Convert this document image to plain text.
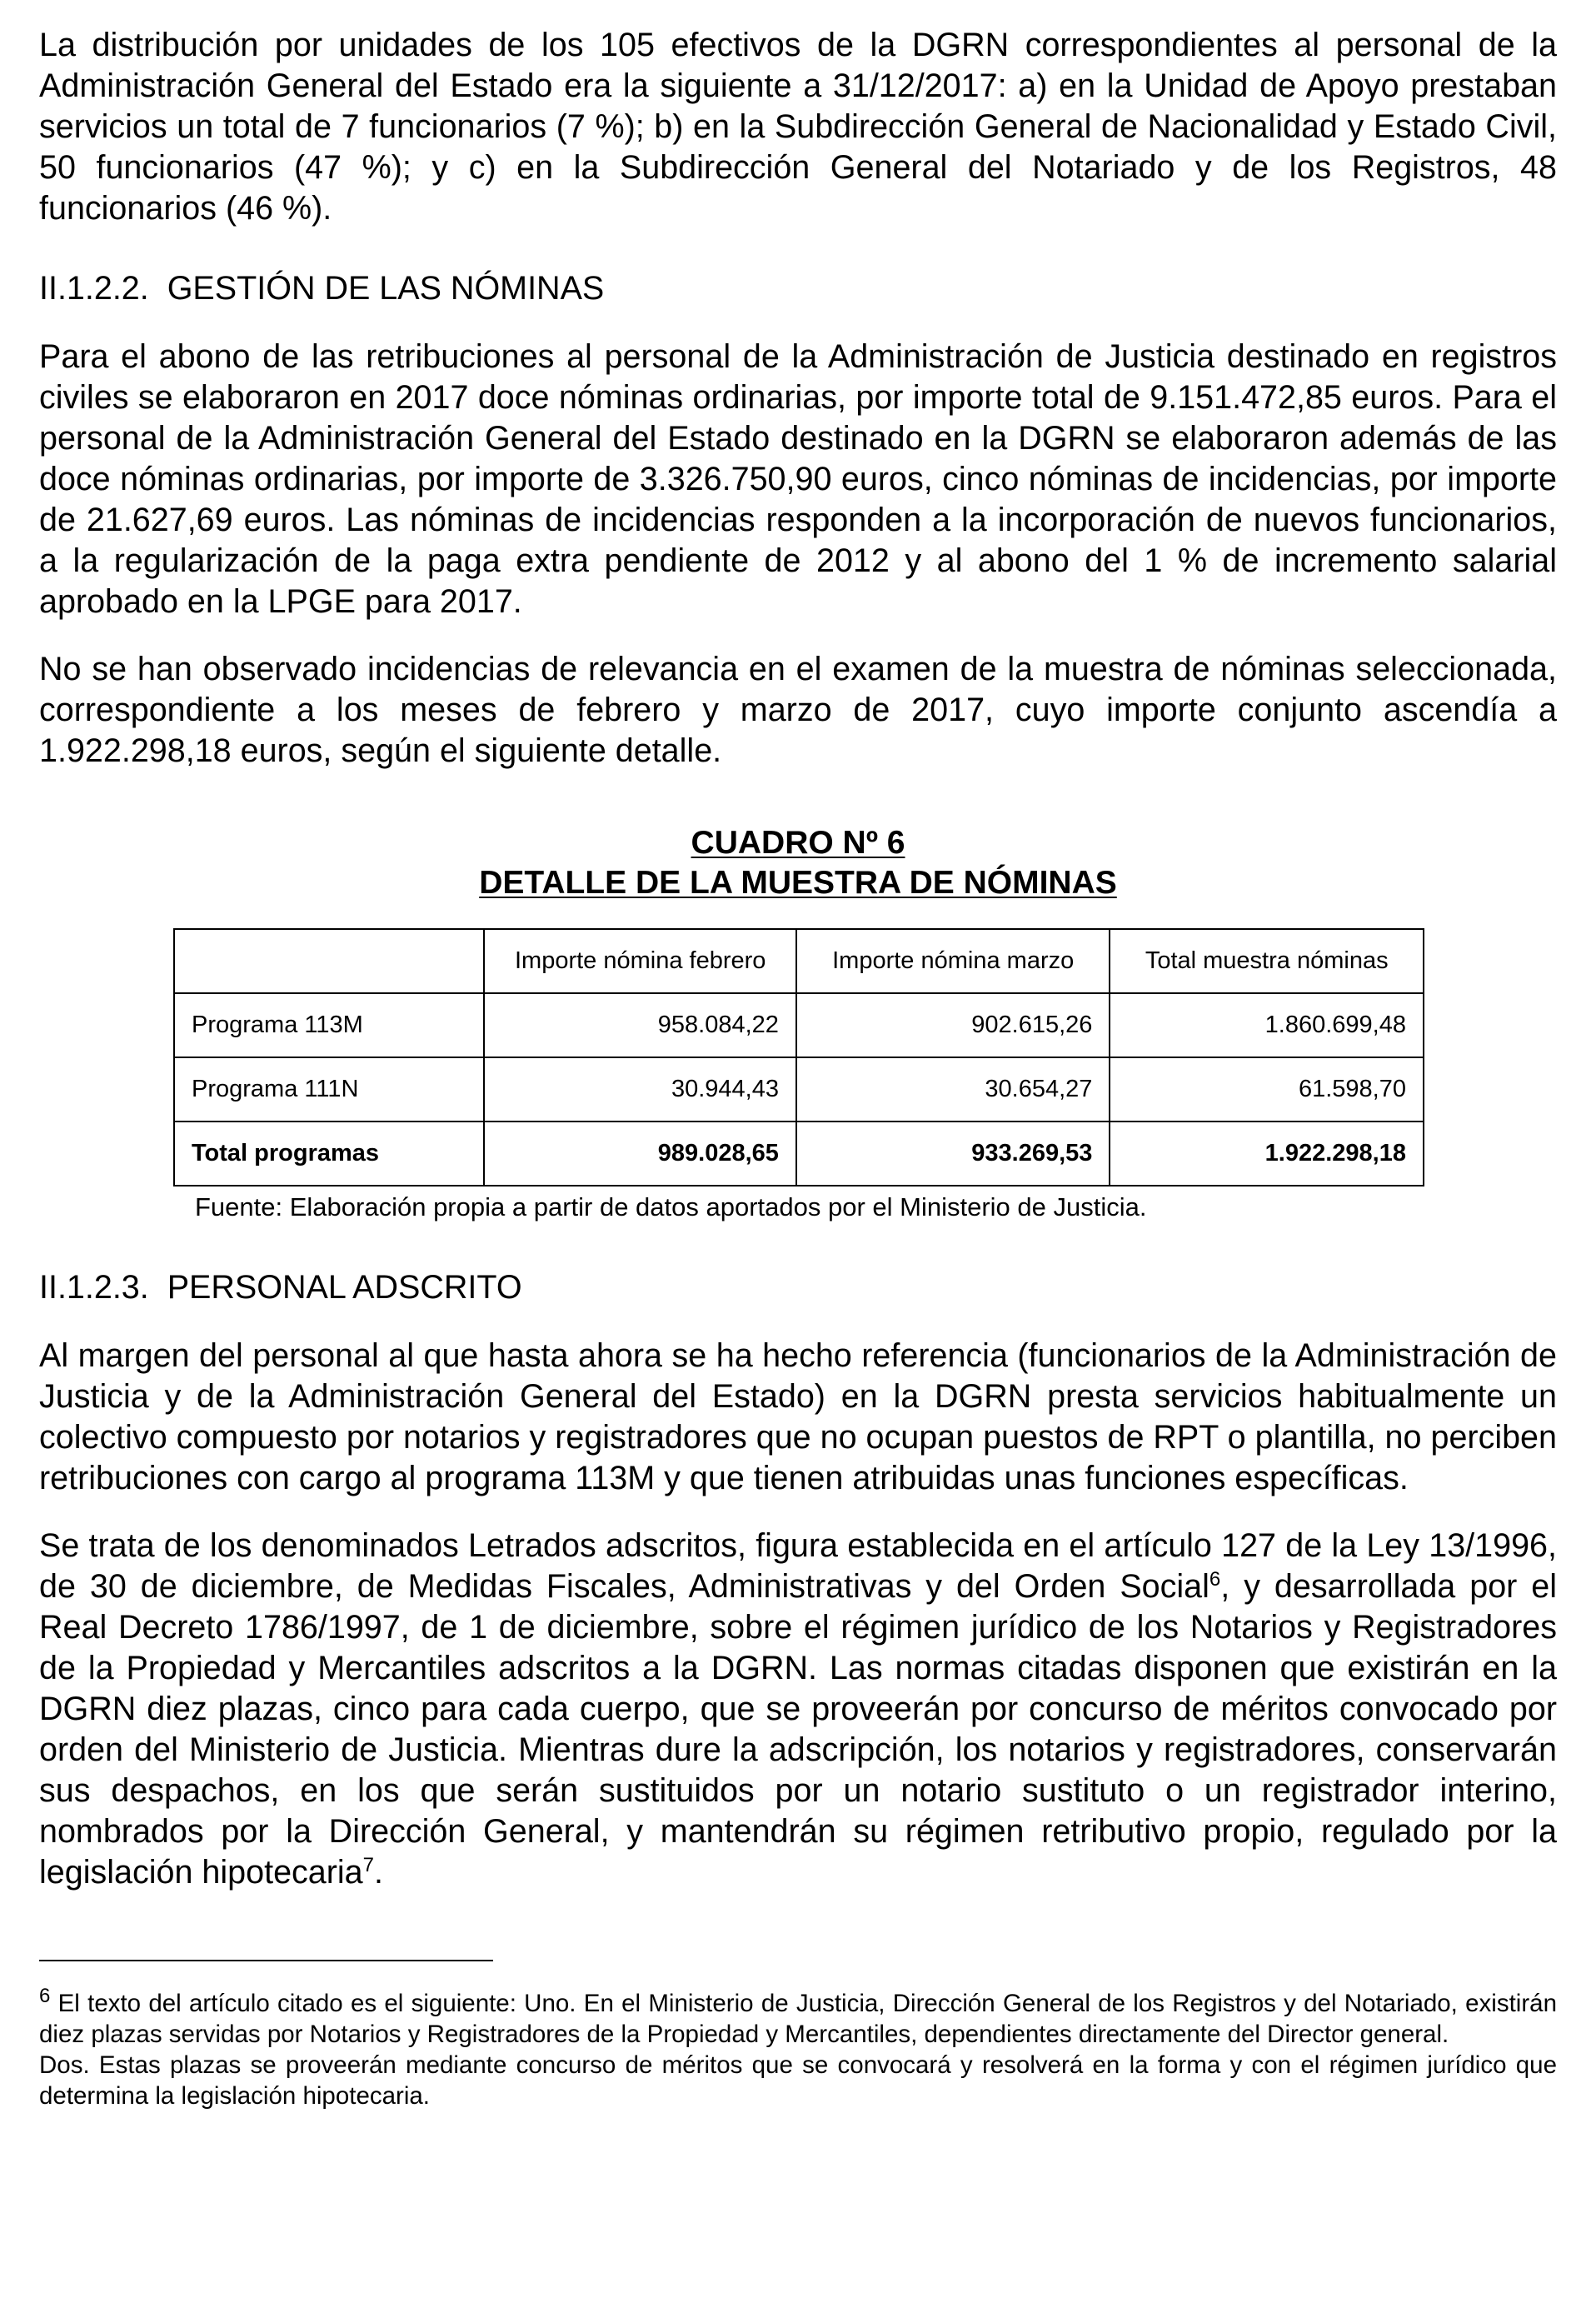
La distribución por unidades de los 105 efectivos de la DGRN correspondientes al personal de la Administración General del Estado era la siguiente a 31/12/2017: a) en la Unidad de Apoyo prestaban servicios un total de 7 funcionarios (7 %); b) en la Subdirección General de Nacionalidad y Estado Civil, 50 funcionarios (47 %); y c) en la Subdirección General del Notariado y de los Registros, 48 funcionarios (46 %).

II.1.2.2.  GESTIÓN DE LAS NÓMINAS

Para el abono de las retribuciones al personal de la Administración de Justicia destinado en registros civiles se elaboraron en 2017 doce nóminas ordinarias, por importe total de 9.151.472,85 euros. Para el personal de la Administración General del Estado destinado en la DGRN se elaboraron además de las doce nóminas ordinarias, por importe de 3.326.750,90 euros, cinco nóminas de incidencias, por importe de 21.627,69 euros. Las nóminas de incidencias responden a la incorporación de nuevos funcionarios, a la regularización de la paga extra pendiente de 2012 y al abono del 1 % de incremento salarial aprobado en la LPGE para 2017.

No se han observado incidencias de relevancia en el examen de la muestra de nóminas seleccionada, correspondiente a los meses de febrero y marzo de 2017, cuyo importe conjunto ascendía a 1.922.298,18 euros, según el siguiente detalle.

CUADRO Nº 6
DETALLE DE LA MUESTRA DE NÓMINAS
	Importe nómina febrero	Importe nómina marzo	Total muestra nóminas
Programa 113M	958.084,22	902.615,26	1.860.699,48
Programa 111N	30.944,43	30.654,27	61.598,70
Total programas	989.028,65	933.269,53	1.922.298,18
Fuente: Elaboración propia a partir de datos aportados por el Ministerio de Justicia.

II.1.2.3.  PERSONAL ADSCRITO

Al margen del personal al que hasta ahora se ha hecho referencia (funcionarios de la Administración de Justicia y de la Administración General del Estado) en la DGRN presta servicios habitualmente un colectivo compuesto por notarios y registradores que no ocupan puestos de RPT o plantilla, no perciben retribuciones con cargo al programa 113M y que tienen atribuidas unas funciones específicas.

Se trata de los denominados Letrados adscritos, figura establecida en el artículo 127 de la Ley 13/1996, de 30 de diciembre, de Medidas Fiscales, Administrativas y del Orden Social$^6$, y desarrollada por el Real Decreto 1786/1997, de 1 de diciembre, sobre el régimen jurídico de los Notarios y Registradores de la Propiedad y Mercantiles adscritos a la DGRN. Las normas citadas disponen que existirán en la DGRN diez plazas, cinco para cada cuerpo, que se proveerán por concurso de méritos convocado por orden del Ministerio de Justicia. Mientras dure la adscripción, los notarios y registradores, conservarán sus despachos, en los que serán sustituidos por un notario sustituto o un registrador interino, nombrados por la Dirección General, y mantendrán su régimen retributivo propio, regulado por la legislación hipotecaria$^7$.

$^6$ El texto del artículo citado es el siguiente: Uno. En el Ministerio de Justicia, Dirección General de los Registros y del Notariado, existirán diez plazas servidas por Notarios y Registradores de la Propiedad y Mercantiles, dependientes directamente del Director general.

Dos. Estas plazas se proveerán mediante concurso de méritos que se convocará y resolverá en la forma y con el régimen jurídico que determina la legislación hipotecaria.
